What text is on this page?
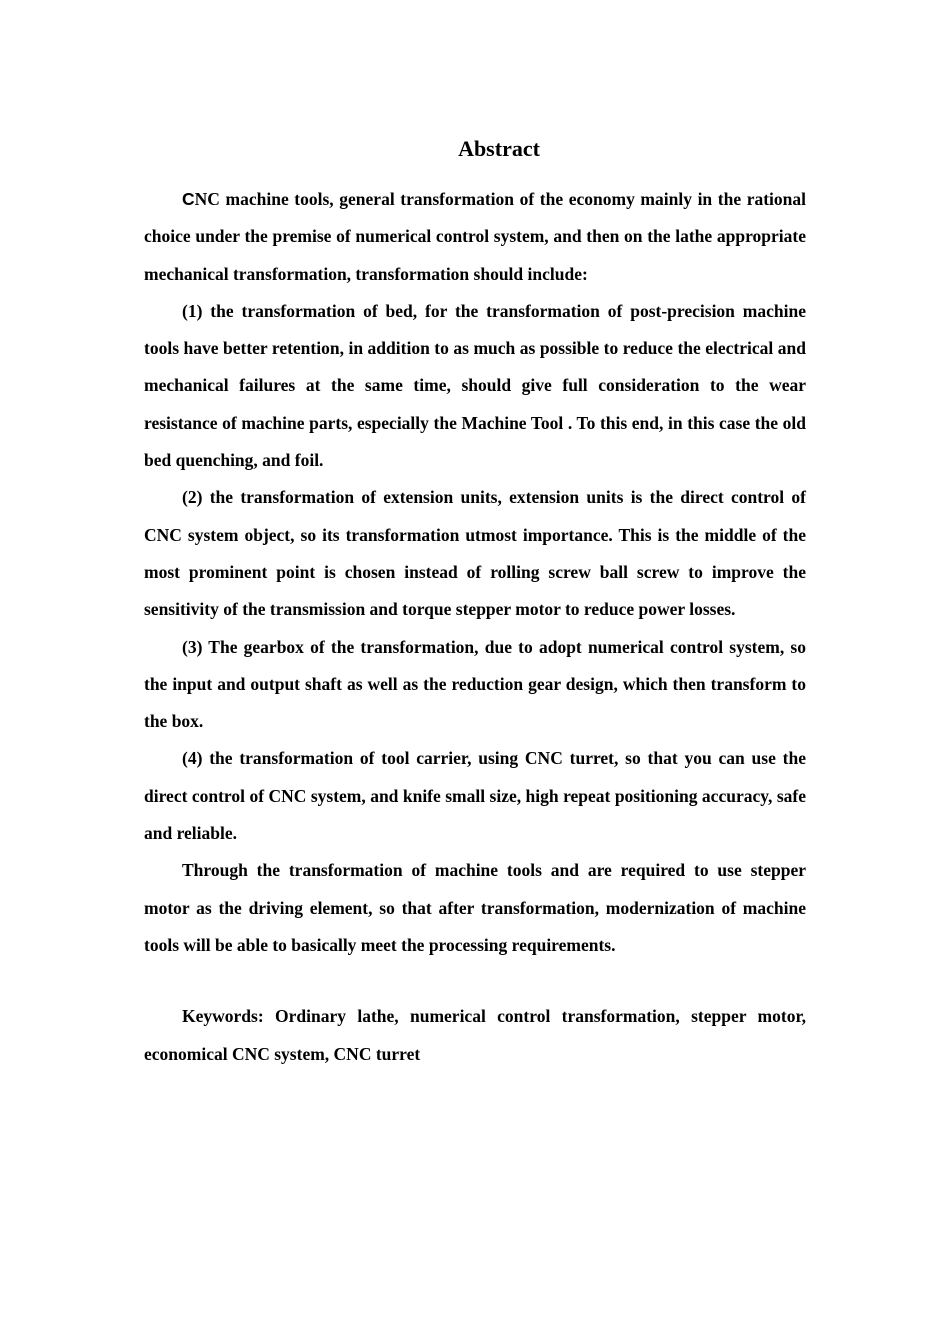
Abstract

CNC machine tools, general transformation of the economy mainly in the rational choice under the premise of numerical control system, and then on the lathe appropriate mechanical transformation, transformation should include:

(1) the transformation of bed, for the transformation of post-precision machine tools have better retention, in addition to as much as possible to reduce the electrical and mechanical failures at the same time, should give full consideration to the wear resistance of machine parts, especially the Machine Tool . To this end, in this case the old bed quenching, and foil.

(2) the transformation of extension units, extension units is the direct control of CNC system object, so its transformation utmost importance. This is the middle of the most prominent point is chosen instead of rolling screw ball screw to improve the sensitivity of the transmission and torque stepper motor to reduce power losses.

(3) The gearbox of the transformation, due to adopt numerical control system, so the input and output shaft as well as the reduction gear design, which then transform to the box.

(4) the transformation of tool carrier, using CNC turret, so that you can use the direct control of CNC system, and knife small size, high repeat positioning accuracy, safe and reliable.

Through the transformation of machine tools and are required to use stepper motor as the driving element, so that after transformation, modernization of machine tools will be able to basically meet the processing requirements.

Keywords: Ordinary lathe, numerical control transformation, stepper motor, economical CNC system, CNC turret
